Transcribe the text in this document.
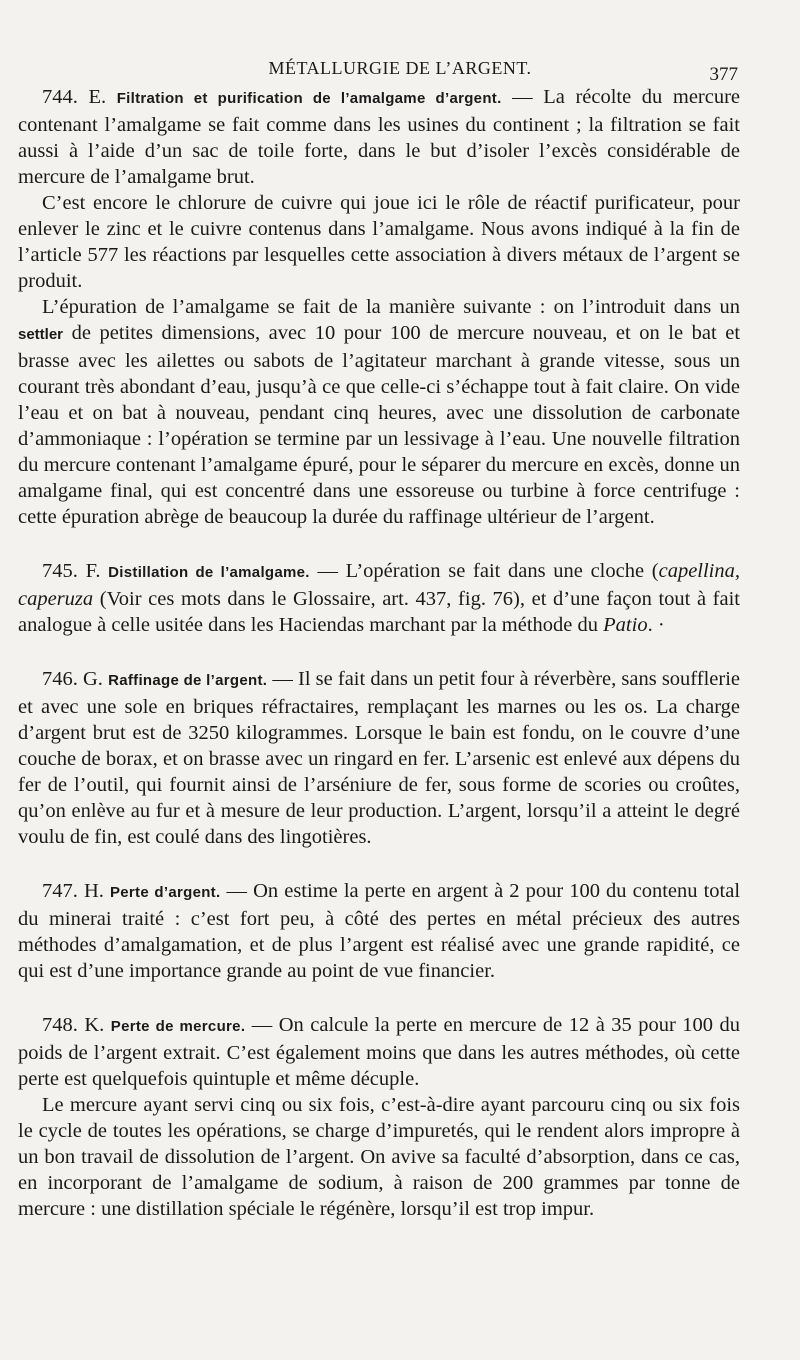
MÉTALLURGIE DE L’ARGENT.	377

744. E. Filtration et purification de l’amalgame d’argent. — La récolte du mercure contenant l’amalgame se fait comme dans les usines du continent ; la filtration se fait aussi à l’aide d’un sac de toile forte, dans le but d’isoler l’excès considérable de mercure de l’amalgame brut.

C’est encore le chlorure de cuivre qui joue ici le rôle de réactif purificateur, pour enlever le zinc et le cuivre contenus dans l’amalgame. Nous avons indiqué à la fin de l’article 577 les réactions par lesquelles cette association à divers métaux de l’argent se produit.

L’épuration de l’amalgame se fait de la manière suivante : on l’introduit dans un settler de petites dimensions, avec 10 pour 100 de mercure nouveau, et on le bat et brasse avec les ailettes ou sabots de l’agitateur marchant à grande vitesse, sous un courant très abondant d’eau, jusqu’à ce que celle-ci s’échappe tout à fait claire. On vide l’eau et on bat à nouveau, pendant cinq heures, avec une dissolution de carbonate d’ammoniaque : l’opération se termine par un lessivage à l’eau. Une nouvelle filtration du mercure contenant l’amalgame épuré, pour le séparer du mercure en excès, donne un amalgame final, qui est concentré dans une essoreuse ou turbine à force centrifuge : cette épuration abrège de beaucoup la durée du raffinage ultérieur de l’argent.

745. F. Distillation de l’amalgame. — L’opération se fait dans une cloche (capellina, caperuza (Voir ces mots dans le Glossaire, art. 437, fig. 76), et d’une façon tout à fait analogue à celle usitée dans les Haciendas marchant par la méthode du Patio. ·

746. G. Raffinage de l’argent. — Il se fait dans un petit four à réverbère, sans soufflerie et avec une sole en briques réfractaires, remplaçant les marnes ou les os. La charge d’argent brut est de 3250 kilogrammes. Lorsque le bain est fondu, on le couvre d’une couche de borax, et on brasse avec un ringard en fer. L’arsenic est enlevé aux dépens du fer de l’outil, qui fournit ainsi de l’arséniure de fer, sous forme de scories ou croûtes, qu’on enlève au fur et à mesure de leur production. L’argent, lorsqu’il a atteint le degré voulu de fin, est coulé dans des lingotières.

747. H. Perte d’argent. — On estime la perte en argent à 2 pour 100 du contenu total du minerai traité : c’est fort peu, à côté des pertes en métal précieux des autres méthodes d’amalgamation, et de plus l’argent est réalisé avec une grande rapidité, ce qui est d’une importance grande au point de vue financier.

748. K. Perte de mercure. — On calcule la perte en mercure de 12 à 35 pour 100 du poids de l’argent extrait. C’est également moins que dans les autres méthodes, où cette perte est quelquefois quintuple et même décuple.

Le mercure ayant servi cinq ou six fois, c’est-à-dire ayant parcouru cinq ou six fois le cycle de toutes les opérations, se charge d’impuretés, qui le rendent alors impropre à un bon travail de dissolution de l’argent. On avive sa faculté d’absorption, dans ce cas, en incorporant de l’amalgame de sodium, à raison de 200 grammes par tonne de mercure : une distillation spéciale le régénère, lorsqu’il est trop impur.
